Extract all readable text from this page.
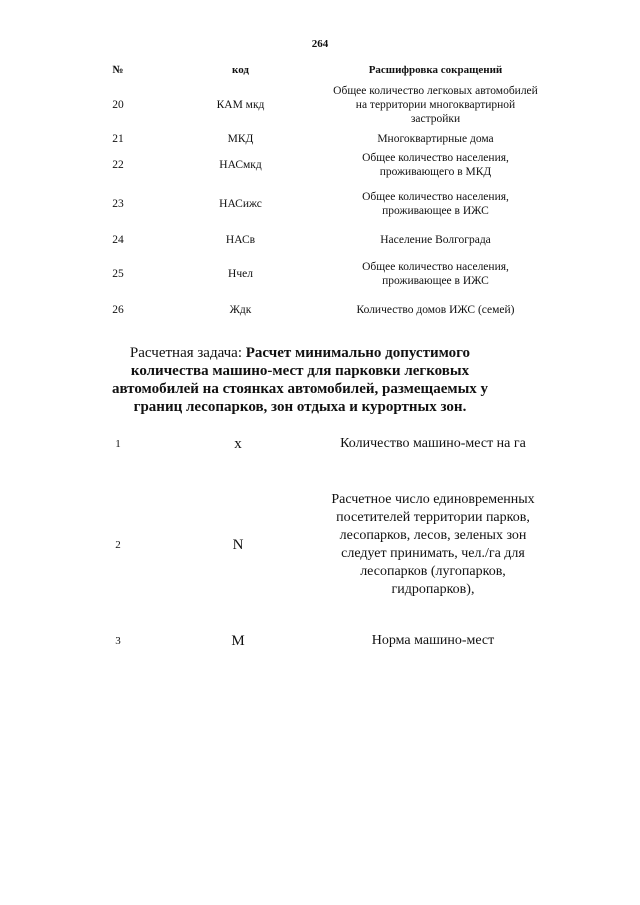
264
№	код	Расшифровка сокращений
20	КАМ мкд	Общее количество легковых автомобилей на территории многоквартирной застройки
21	МКД	Многоквартирные дома
22	НАСмкд	Общее количество населения, проживающего в МКД
23	НАСижс	Общее количество населения, проживающее в ИЖС
24	НАСв	Население Волгограда
25	Нчел	Общее количество населения, проживающее в ИЖС
26	Ждк	Количество домов ИЖС (семей)

Расчетная задача: Расчет минимально допустимого количества машино-мест для парковки легковых автомобилей на стоянках автомобилей, размещаемых у границ лесопарков, зон отдыха и курортных зон.

1	x	Количество машино-мест на га
2	N	Расчетное число единовременных посетителей территории парков, лесопарков, лесов, зеленых зон следует принимать, чел./га для лесопарков (лугопарков, гидропарков),
3	M	Норма машино-мест
